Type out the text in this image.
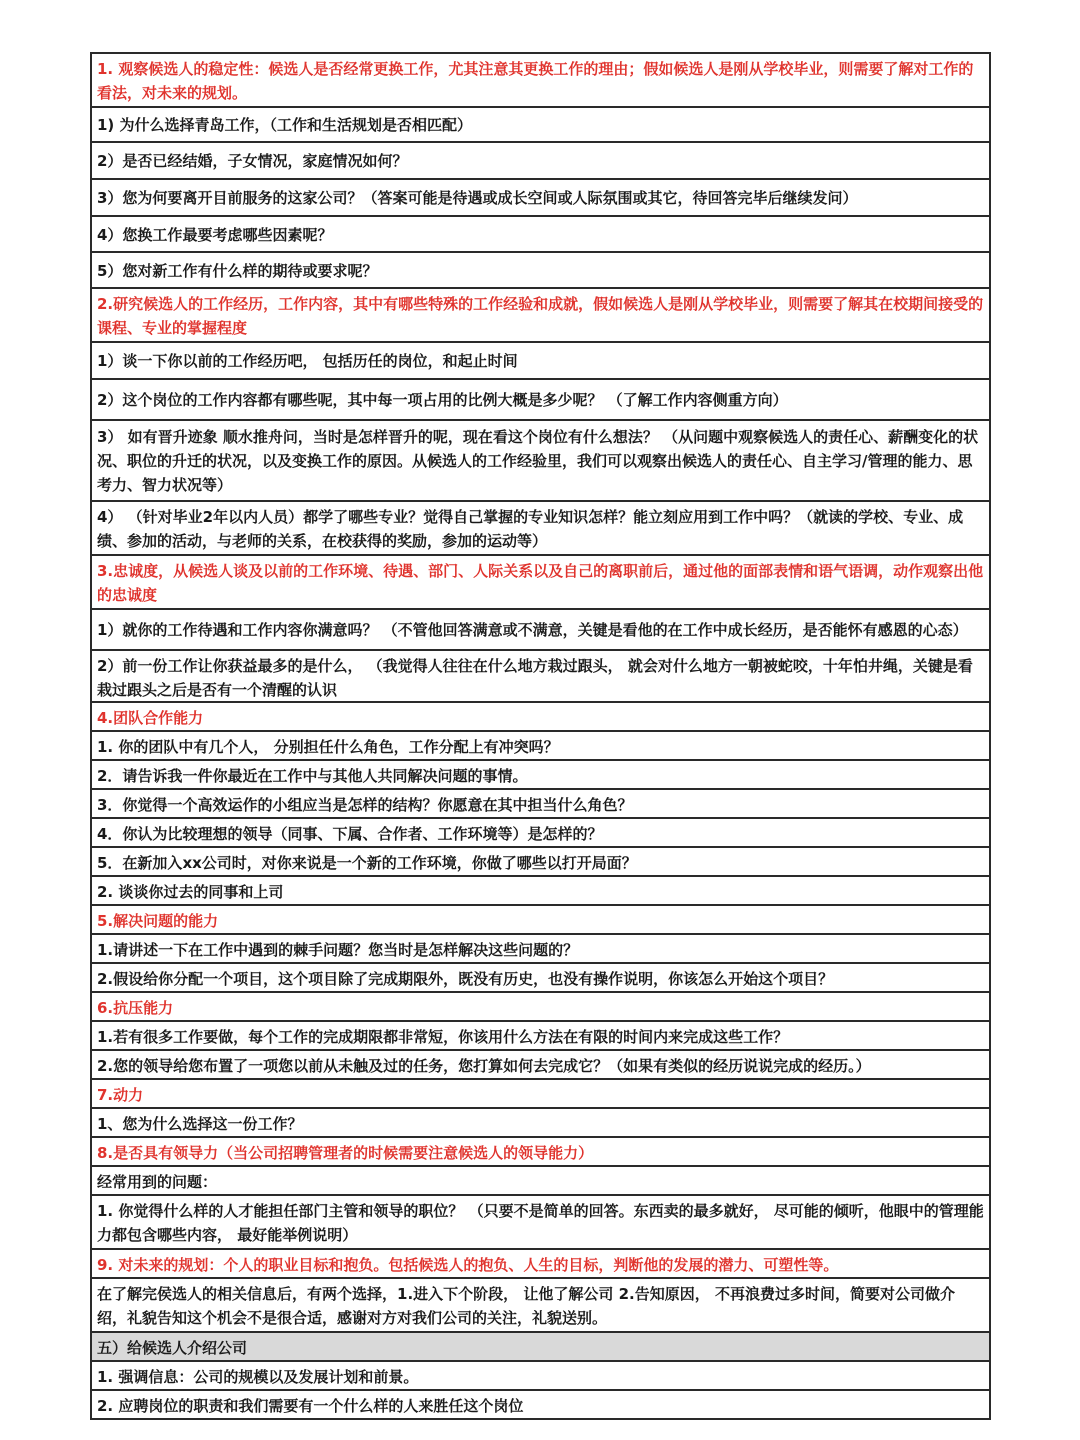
1. 观察候选人的稳定性：候选人是否经常更换工作，尤其注意其更换工作的理由；假如候选人是刚从学校毕业，则需要了解对工作的看法，对未来的规划。

1) 为什么选择青岛工作，（工作和生活规划是否相匹配）

2）是否已经结婚，子女情况，家庭情况如何？

3）您为何要离开目前服务的这家公司？（答案可能是待遇或成长空间或人际氛围或其它，待回答完毕后继续发问）

4）您换工作最要考虑哪些因素呢？

5）您对新工作有什么样的期待或要求呢？

2.研究候选人的工作经历，工作内容，其中有哪些特殊的工作经验和成就，假如候选人是刚从学校毕业，则需要了解其在校期间接受的课程、专业的掌握程度

1）谈一下你以前的工作经历吧， 包括历任的岗位，和起止时间

2）这个岗位的工作内容都有哪些呢，其中每一项占用的比例大概是多少呢？ （了解工作内容侧重方向）

3） 如有晋升迹象 顺水推舟问，当时是怎样晋升的呢，现在看这个岗位有什么想法？ （从问题中观察候选人的责任心、薪酬变化的状况、职位的升迁的状况，以及变换工作的原因。从候选人的工作经验里，我们可以观察出候选人的责任心、自主学习/管理的能力、思考力、智力状况等）

4） （针对毕业2年以内人员）都学了哪些专业？觉得自己掌握的专业知识怎样？能立刻应用到工作中吗？（就读的学校、专业、成绩、参加的活动，与老师的关系，在校获得的奖励，参加的运动等）

3.忠诚度，从候选人谈及以前的工作环境、待遇、部门、人际关系以及自己的离职前后，通过他的面部表情和语气语调，动作观察出他的忠诚度

1）就你的工作待遇和工作内容你满意吗？ （不管他回答满意或不满意，关键是看他的在工作中成长经历，是否能怀有感恩的心态）

2）前一份工作让你获益最多的是什么， （我觉得人往往在什么地方栽过跟头， 就会对什么地方一朝被蛇咬，十年怕井绳，关键是看栽过跟头之后是否有一个清醒的认识

4.团队合作能力

1. 你的团队中有几个人， 分别担任什么角色，工作分配上有冲突吗？

2．请告诉我一件你最近在工作中与其他人共同解决问题的事情。

3．你觉得一个高效运作的小组应当是怎样的结构？你愿意在其中担当什么角色？

4．你认为比较理想的领导（同事、下属、合作者、工作环境等）是怎样的？

5．在新加入xx公司时，对你来说是一个新的工作环境，你做了哪些以打开局面？

2. 谈谈你过去的同事和上司

5.解决问题的能力

1.请讲述一下在工作中遇到的棘手问题？您当时是怎样解决这些问题的？

2.假设给你分配一个项目，这个项目除了完成期限外，既没有历史，也没有操作说明，你该怎么开始这个项目？

6.抗压能力

1.若有很多工作要做，每个工作的完成期限都非常短，你该用什么方法在有限的时间内来完成这些工作？

2.您的领导给您布置了一项您以前从未触及过的任务，您打算如何去完成它？（如果有类似的经历说说完成的经历。）

7.动力

1、您为什么选择这一份工作？

8.是否具有领导力（当公司招聘管理者的时候需要注意候选人的领导能力）

经常用到的问题：

1. 你觉得什么样的人才能担任部门主管和领导的职位？ （只要不是简单的回答。东西卖的最多就好， 尽可能的倾听，他眼中的管理能力都包含哪些内容， 最好能举例说明）

9. 对未来的规划：个人的职业目标和抱负。包括候选人的抱负、人生的目标，判断他的发展的潜力、可塑性等。

在了解完侯选人的相关信息后，有两个选择，1.进入下个阶段， 让他了解公司 2.告知原因， 不再浪费过多时间，简要对公司做介绍，礼貌告知这个机会不是很合适，感谢对方对我们公司的关注，礼貌送别。

五）给候选人介绍公司

1. 强调信息：公司的规模以及发展计划和前景。

2. 应聘岗位的职责和我们需要有一个什么样的人来胜任这个岗位
